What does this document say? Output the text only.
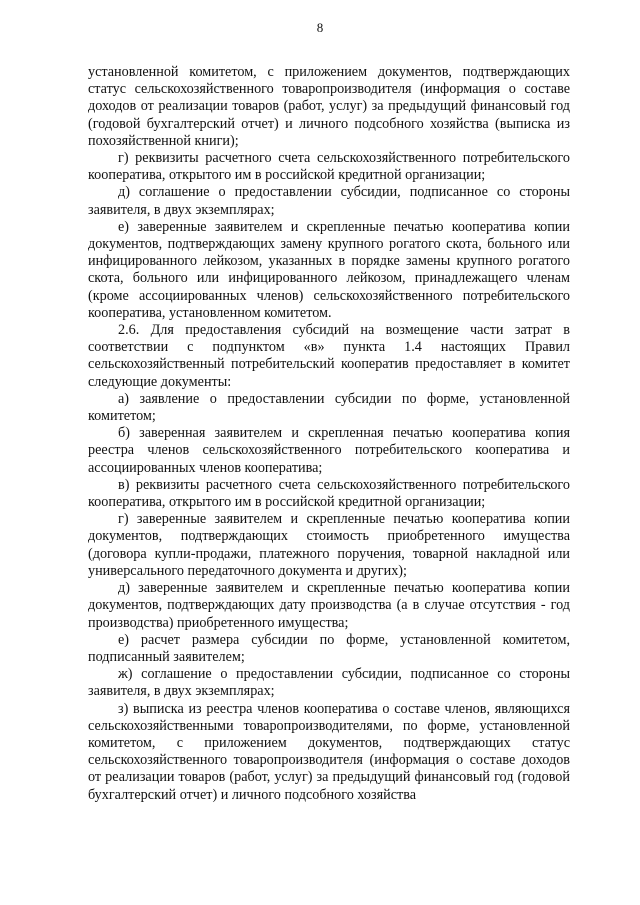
8

установленной комитетом, с приложением документов, подтверждающих статус сельскохозяйственного товаропроизводителя (информация о составе доходов от реализации товаров (работ, услуг) за предыдущий финансовый год (годовой бухгалтерский отчет) и личного подсобного хозяйства (выписка из похозяйственной книги);

г) реквизиты расчетного счета сельскохозяйственного потребительского кооператива, открытого им в российской кредитной организации;

д) соглашение о предоставлении субсидии, подписанное со стороны заявителя, в двух экземплярах;

е) заверенные заявителем и скрепленные печатью кооператива копии документов, подтверждающих замену крупного рогатого скота, больного или инфицированного лейкозом, указанных в порядке замены крупного рогатого скота, больного или инфицированного лейкозом, принадлежащего членам (кроме ассоциированных членов) сельскохозяйственного потребительского кооператива, установленном комитетом.

2.6. Для предоставления субсидий на возмещение части затрат в соответствии с подпунктом «в» пункта 1.4 настоящих Правил сельскохозяйственный потребительский кооператив предоставляет в комитет следующие документы:

а) заявление о предоставлении субсидии по форме, установленной комитетом;

б) заверенная заявителем и скрепленная печатью кооператива копия реестра членов сельскохозяйственного потребительского кооператива и ассоциированных членов кооператива;

в) реквизиты расчетного счета сельскохозяйственного потребительского кооператива, открытого им в российской кредитной организации;

г) заверенные заявителем и скрепленные печатью кооператива копии документов, подтверждающих стоимость приобретенного имущества (договора купли-продажи, платежного поручения, товарной накладной или универсального передаточного документа и других);

д) заверенные заявителем и скрепленные печатью кооператива копии документов, подтверждающих дату производства (а в случае отсутствия - год производства) приобретенного имущества;

е) расчет размера субсидии по форме, установленной комитетом, подписанный заявителем;

ж) соглашение о предоставлении субсидии, подписанное со стороны заявителя, в двух экземплярах;

з) выписка из реестра членов кооператива о составе членов, являющихся сельскохозяйственными товаропроизводителями, по форме, установленной комитетом, с приложением документов, подтверждающих статус сельскохозяйственного товаропроизводителя (информация о составе доходов от реализации товаров (работ, услуг) за предыдущий финансовый год (годовой бухгалтерский отчет) и личного подсобного хозяйства
